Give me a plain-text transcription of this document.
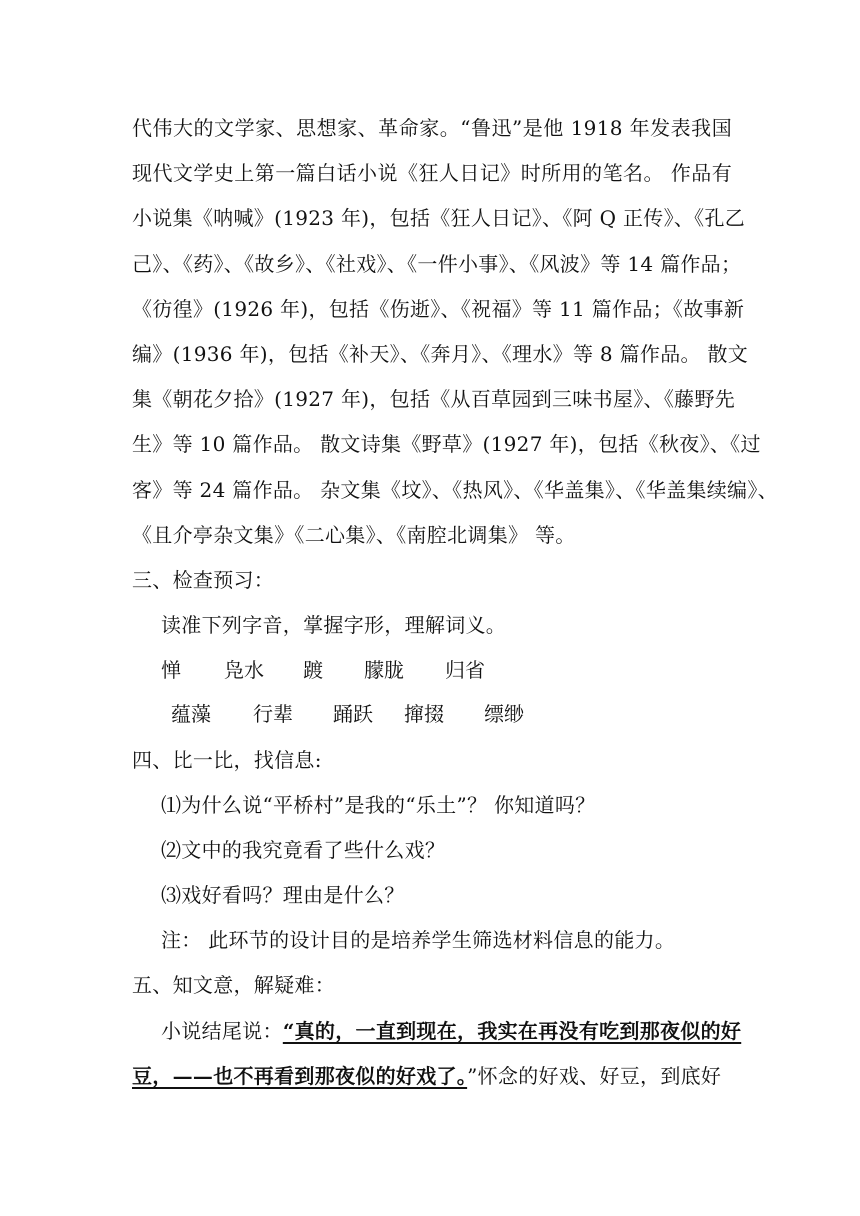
代伟大的文学家、思想家、革命家。“鲁迅”是他 1918 年发表我国
现代文学史上第一篇白话小说《狂人日记》时所用的笔名。 作品有
小说集《呐喊》(1923 年)，包括《狂人日记》、《阿 Q 正传》、《孔乙
己》、《药》、《故乡》、《社戏》、《一件小事》、《风波》等 14 篇作品；
《彷徨》(1926 年)，包括《伤逝》、《祝福》等 11 篇作品；《故事新
编》(1936 年)，包括《补天》、《奔月》、《理水》等 8 篇作品。 散文
集《朝花夕拾》(1927 年)，包括《从百草园到三味书屋》、《藤野先
生》等 10 篇作品。 散文诗集《野草》(1927 年)，包括《秋夜》、《过
客》等 24 篇作品。 杂文集《坟》、《热风》、《华盖集》、《华盖集续编》、
《且介亭杂文集》《二心集》、《南腔北调集》 等。
三、检查预习：
读准下列字音，掌握字形，理解词义。
惮 凫水 踱 朦胧 归省
蕴藻 行辈 踊跃 撺掇 缥缈
四、比一比，找信息:
⑴为什么说“平桥村”是我的“乐土”？ 你知道吗？
⑵文中的我究竟看了些什么戏？
⑶戏好看吗？理由是什么？
注： 此环节的设计目的是培养学生筛选材料信息的能力。
五、知文意，解疑难：
小说结尾说：“真的，一直到现在，我实在再没有吃到那夜似的好
豆，——也不再看到那夜似的好戏了。”怀念的好戏、好豆，到底好
